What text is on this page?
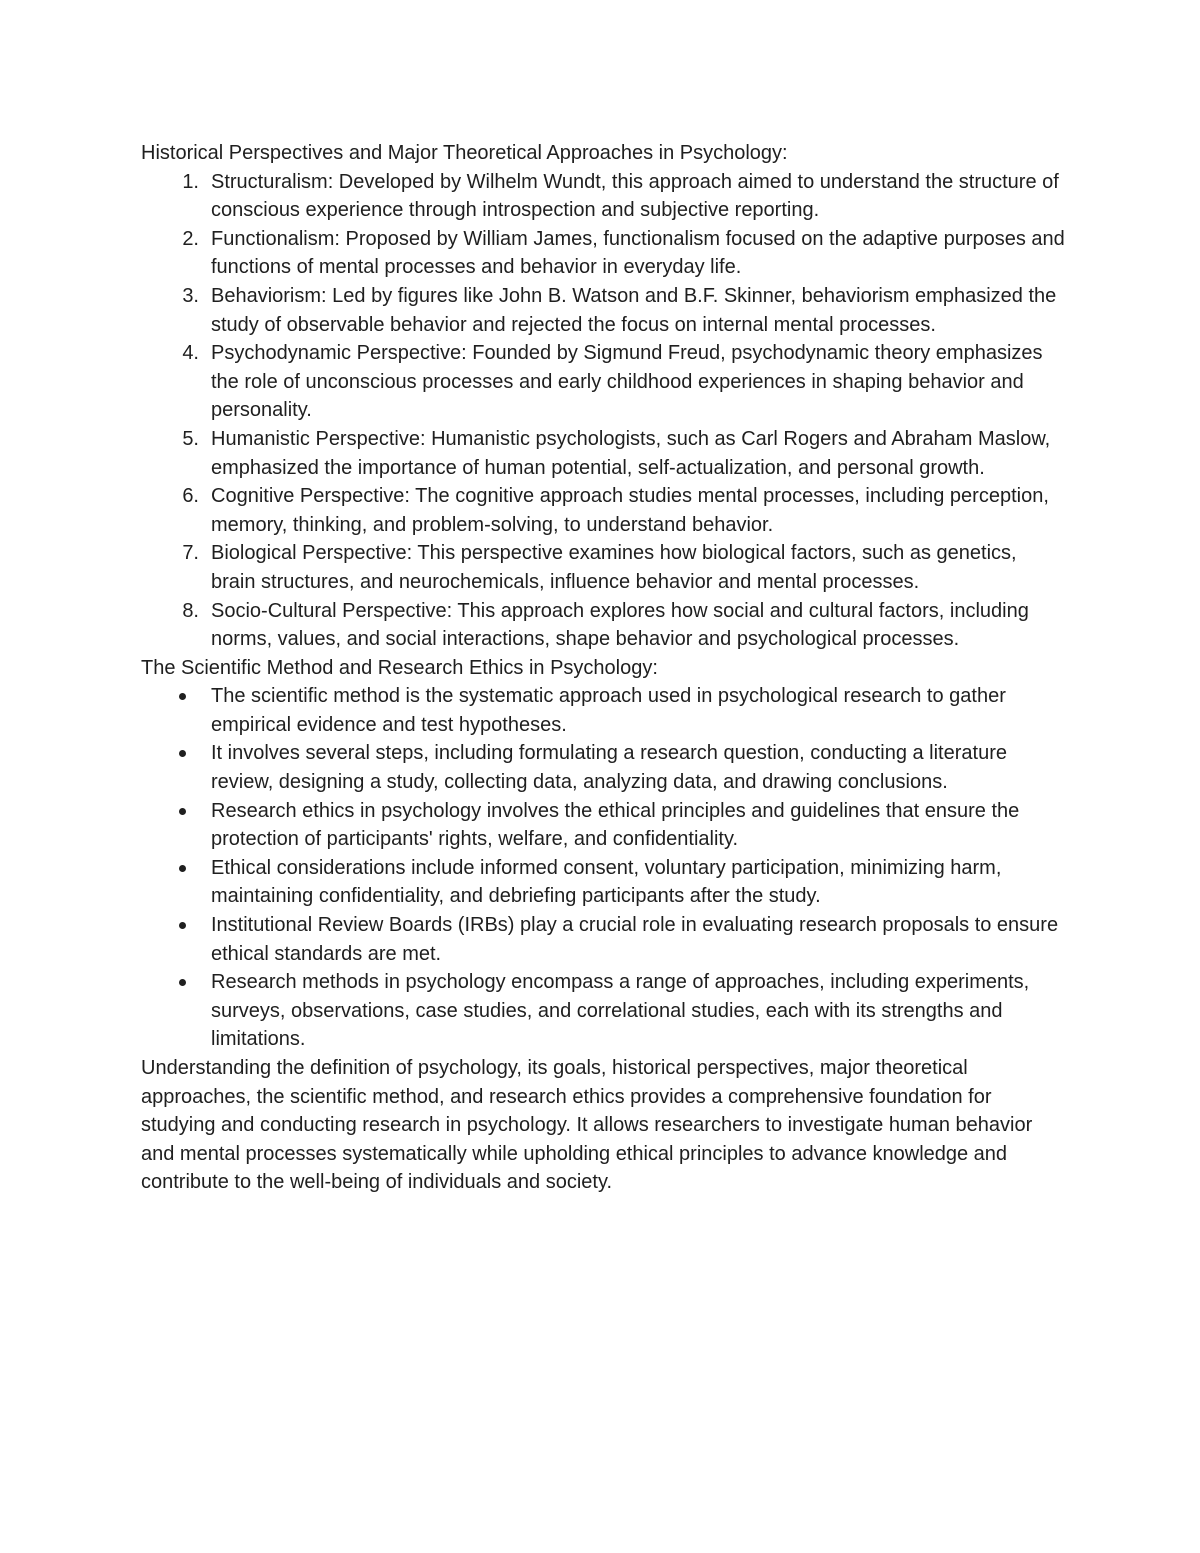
Historical Perspectives and Major Theoretical Approaches in Psychology:

1. Structuralism: Developed by Wilhelm Wundt, this approach aimed to understand the structure of conscious experience through introspection and subjective reporting.
2. Functionalism: Proposed by William James, functionalism focused on the adaptive purposes and functions of mental processes and behavior in everyday life.
3. Behaviorism: Led by figures like John B. Watson and B.F. Skinner, behaviorism emphasized the study of observable behavior and rejected the focus on internal mental processes.
4. Psychodynamic Perspective: Founded by Sigmund Freud, psychodynamic theory emphasizes the role of unconscious processes and early childhood experiences in shaping behavior and personality.
5. Humanistic Perspective: Humanistic psychologists, such as Carl Rogers and Abraham Maslow, emphasized the importance of human potential, self-actualization, and personal growth.
6. Cognitive Perspective: The cognitive approach studies mental processes, including perception, memory, thinking, and problem-solving, to understand behavior.
7. Biological Perspective: This perspective examines how biological factors, such as genetics, brain structures, and neurochemicals, influence behavior and mental processes.
8. Socio-Cultural Perspective: This approach explores how social and cultural factors, including norms, values, and social interactions, shape behavior and psychological processes.

The Scientific Method and Research Ethics in Psychology:

The scientific method is the systematic approach used in psychological research to gather empirical evidence and test hypotheses.
It involves several steps, including formulating a research question, conducting a literature review, designing a study, collecting data, analyzing data, and drawing conclusions.
Research ethics in psychology involves the ethical principles and guidelines that ensure the protection of participants' rights, welfare, and confidentiality.
Ethical considerations include informed consent, voluntary participation, minimizing harm, maintaining confidentiality, and debriefing participants after the study.
Institutional Review Boards (IRBs) play a crucial role in evaluating research proposals to ensure ethical standards are met.
Research methods in psychology encompass a range of approaches, including experiments, surveys, observations, case studies, and correlational studies, each with its strengths and limitations.

Understanding the definition of psychology, its goals, historical perspectives, major theoretical approaches, the scientific method, and research ethics provides a comprehensive foundation for studying and conducting research in psychology. It allows researchers to investigate human behavior and mental processes systematically while upholding ethical principles to advance knowledge and contribute to the well-being of individuals and society.
